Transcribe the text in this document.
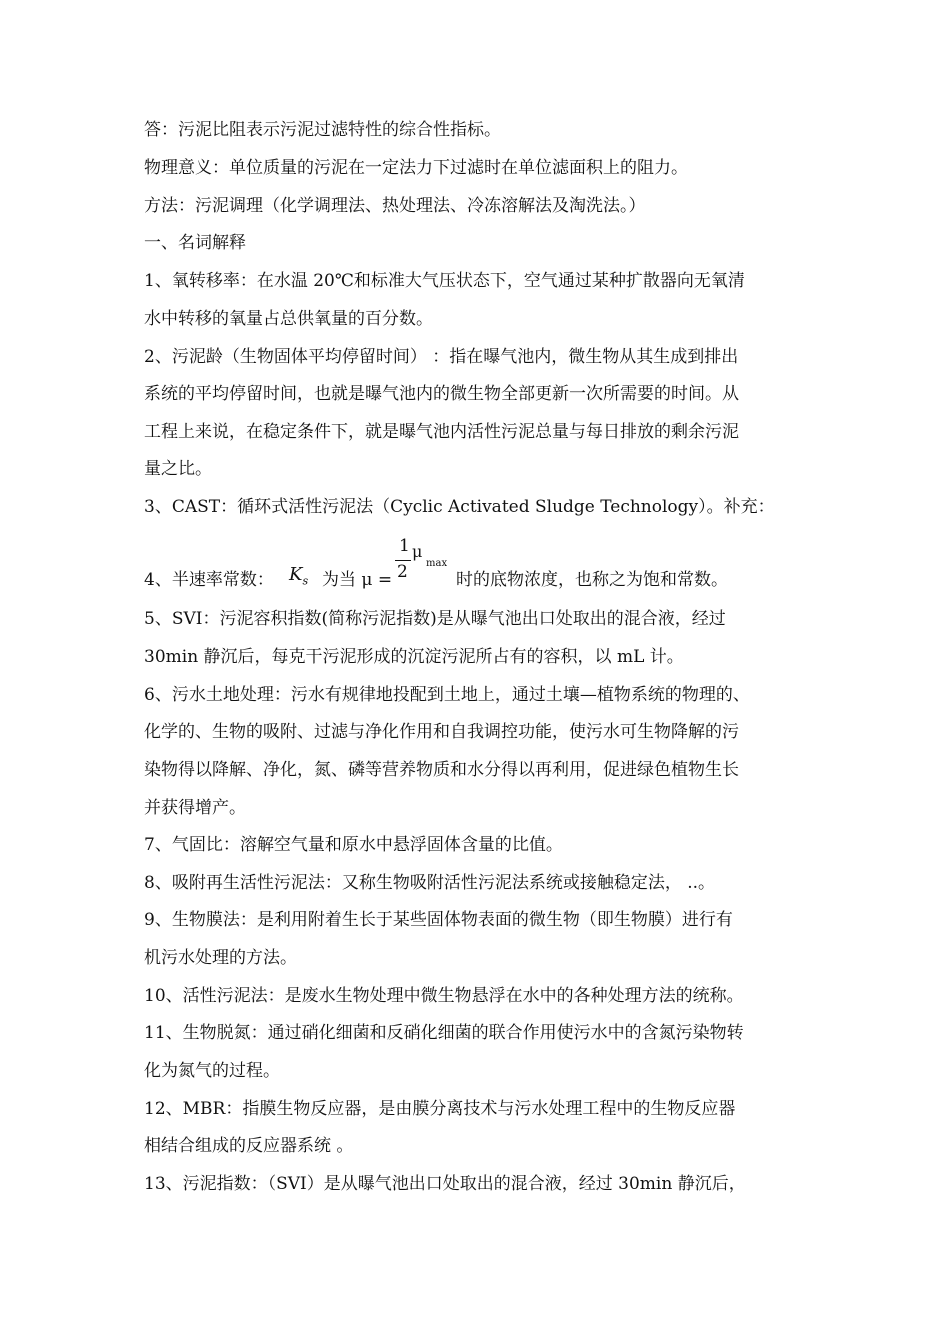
答：污泥比阻表示污泥过滤特性的综合性指标。
物理意义：单位质量的污泥在一定法力下过滤时在单位滤面积上的阻力。
方法：污泥调理（化学调理法、热处理法、冷冻溶解法及淘洗法。）
一、名词解释
1、氧转移率：在水温 20℃和标准大气压状态下，空气通过某种扩散器向无氧清
水中转移的氧量占总供氧量的百分数。
2、污泥龄（生物固体平均停留时间） ：指在曝气池内，微生物从其生成到排出
系统的平均停留时间，也就是曝气池内的微生物全部更新一次所需要的时间。从
工程上来说，在稳定条件下，就是曝气池内活性污泥总量与每日排放的剩余污泥
量之比。
3、CAST：循环式活性污泥法（Cyclic Activated Sludge Technology）。补充：
4、半速率常数： $K_s$ 为当 μ =
1
2
μ
max
时的底物浓度，也称之为饱和常数。
5、SVI：污泥容积指数(简称污泥指数)是从曝气池出口处取出的混合液，经过
30min 静沉后，每克干污泥形成的沉淀污泥所占有的容积，以 mL 计。
6、污水土地处理：污水有规律地投配到土地上，通过土壤—植物系统的物理的、
化学的、生物的吸附、过滤与净化作用和自我调控功能，使污水可生物降解的污
染物得以降解、净化，氮、磷等营养物质和水分得以再利用，促进绿色植物生长
并获得增产。
7、气固比：溶解空气量和原水中悬浮固体含量的比值。
8、吸附再生活性污泥法：又称生物吸附活性污泥法系统或接触稳定法， ..。
9、生物膜法：是利用附着生长于某些固体物表面的微生物（即生物膜）进行有
机污水处理的方法。
10、活性污泥法：是废水生物处理中微生物悬浮在水中的各种处理方法的统称。
11、生物脱氮：通过硝化细菌和反硝化细菌的联合作用使污水中的含氮污染物转
化为氮气的过程。
12、MBR：指膜生物反应器，是由膜分离技术与污水处理工程中的生物反应器
相结合组成的反应器系统 。
13、污泥指数：（SVI）是从曝气池出口处取出的混合液，经过 30min 静沉后，
